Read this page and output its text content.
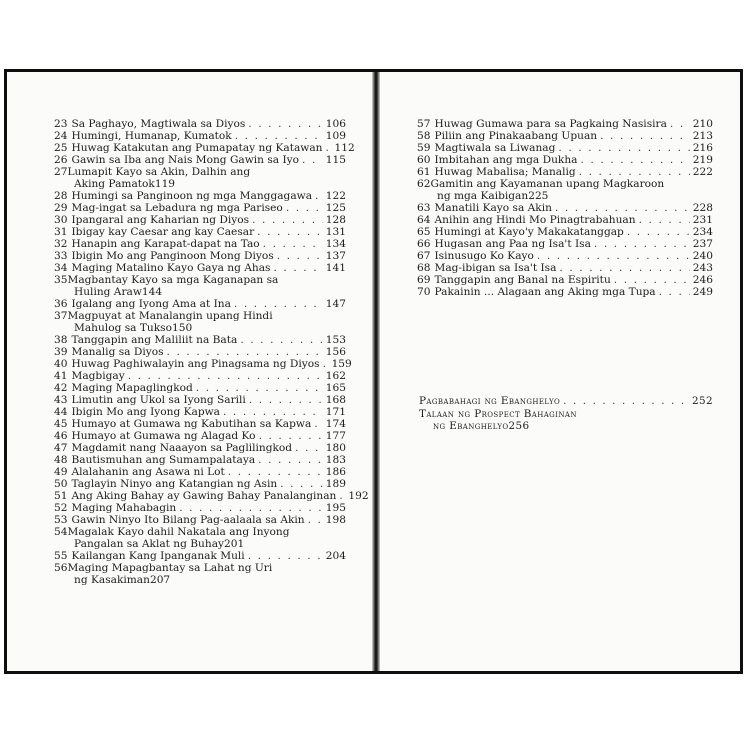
23 Sa Paghayo, Magtiwala sa Diyos . . .	106
24 Humingi, Humanap, Kumatok . . .	109
25 Huwag Katakutan ang Pumapatay ng Katawan . . . 112
26 Gawin sa Iba ang Nais Mong Gawin sa Iyo . . .	115
27Lumapit Kayo sa Akin, Dalhin ang
Aking Pamatok 119
28 Humingi sa Panginoon ng mga Manggagawa . . . 122
29 Mag-ingat sa Lebadura ng mga Pariseo . . .	125
30 Ipangaral ang Kaharian ng Diyos . . .	128
31 Ibigay kay Caesar ang kay Caesar . . .	131
32 Hanapin ang Karapat-dapat na Tao . . .	134
33 Ibigin Mo ang Panginoon Mong Diyos . . .	137
34 Maging Matalino Kayo Gaya ng Ahas . . .	141
35Magbantay Kayo sa mga Kaganapan sa
Huling Araw 144
36 Igalang ang Iyong Ama at Ina . . .	147
37Magpuyat at Manalangin upang Hindi
Mahulog sa Tukso 150
38 Tanggapin ang Maliliit na Bata . . .	153
39 Manalig sa Diyos . . .	156
40 Huwag Paghiwalayin ang Pinagsama ng Diyos . . . 159
41 Magbigay . . .	162
42 Maging Mapaglingkod . . .	165
43 Limutin ang Ukol sa Iyong Sarili . . .	168
44 Ibigin Mo ang Iyong Kapwa . . .	171
45 Humayo at Gumawa ng Kabutihan sa Kapwa . . . 174
46 Humayo at Gumawa ng Alagad Ko . . .	177
47 Magdamit nang Naaayon sa Paglilingkod . . .	180
48 Bautismuhan ang Sumampalataya . . .	183
49 Alalahanin ang Asawa ni Lot . . .	186
50 Taglayin Ninyo ang Katangian ng Asin . . .	189
51 Ang Aking Bahay ay Gawing Bahay Panalanginan . . . 192
52 Maging Mahabagin . . .	195
53 Gawin Ninyo Ito Bilang Pag-aalaala sa Akin . . . 198
54Magalak Kayo dahil Nakatala ang Inyong
Pangalan sa Aklat ng Buhay 201
55 Kailangan Kang Ipanganak Muli . . .	204
56Maging Mapagbantay sa Lahat ng Uri
ng Kasakiman 207
57 Huwag Gumawa para sa Pagkaing Nasisira . . . 210
58 Piliin ang Pinakaabang Upuan . . .	213
59 Magtiwala sa Liwanag . . .	216
60 Imbitahan ang mga Dukha . . .	219
61 Huwag Mabalisa; Manalig . . .	222
62Gamitin ang Kayamanan upang Magkaroon
ng mga Kaibigan 225
63 Manatili Kayo sa Akin . . .	228
64 Anihin ang Hindi Mo Pinagtrabahuan . . .	231
65 Humingi at Kayo'y Makakatanggap . . .	234
66 Hugasan ang Paa ng Isa't Isa . . .	237
67 Isinusugo Ko Kayo . . .	240
68 Mag-ibigan sa Isa't Isa . . .	243
69 Tanggapin ang Banal na Espiritu . . .	246
70 Pakainin ... Alagaan ang Aking mga Tupa . . .	249
Pagbabahagi ng Ebanghelyo . . .	252
Talaan ng Prospect Bahaginan
ng Ebanghelyo 256
